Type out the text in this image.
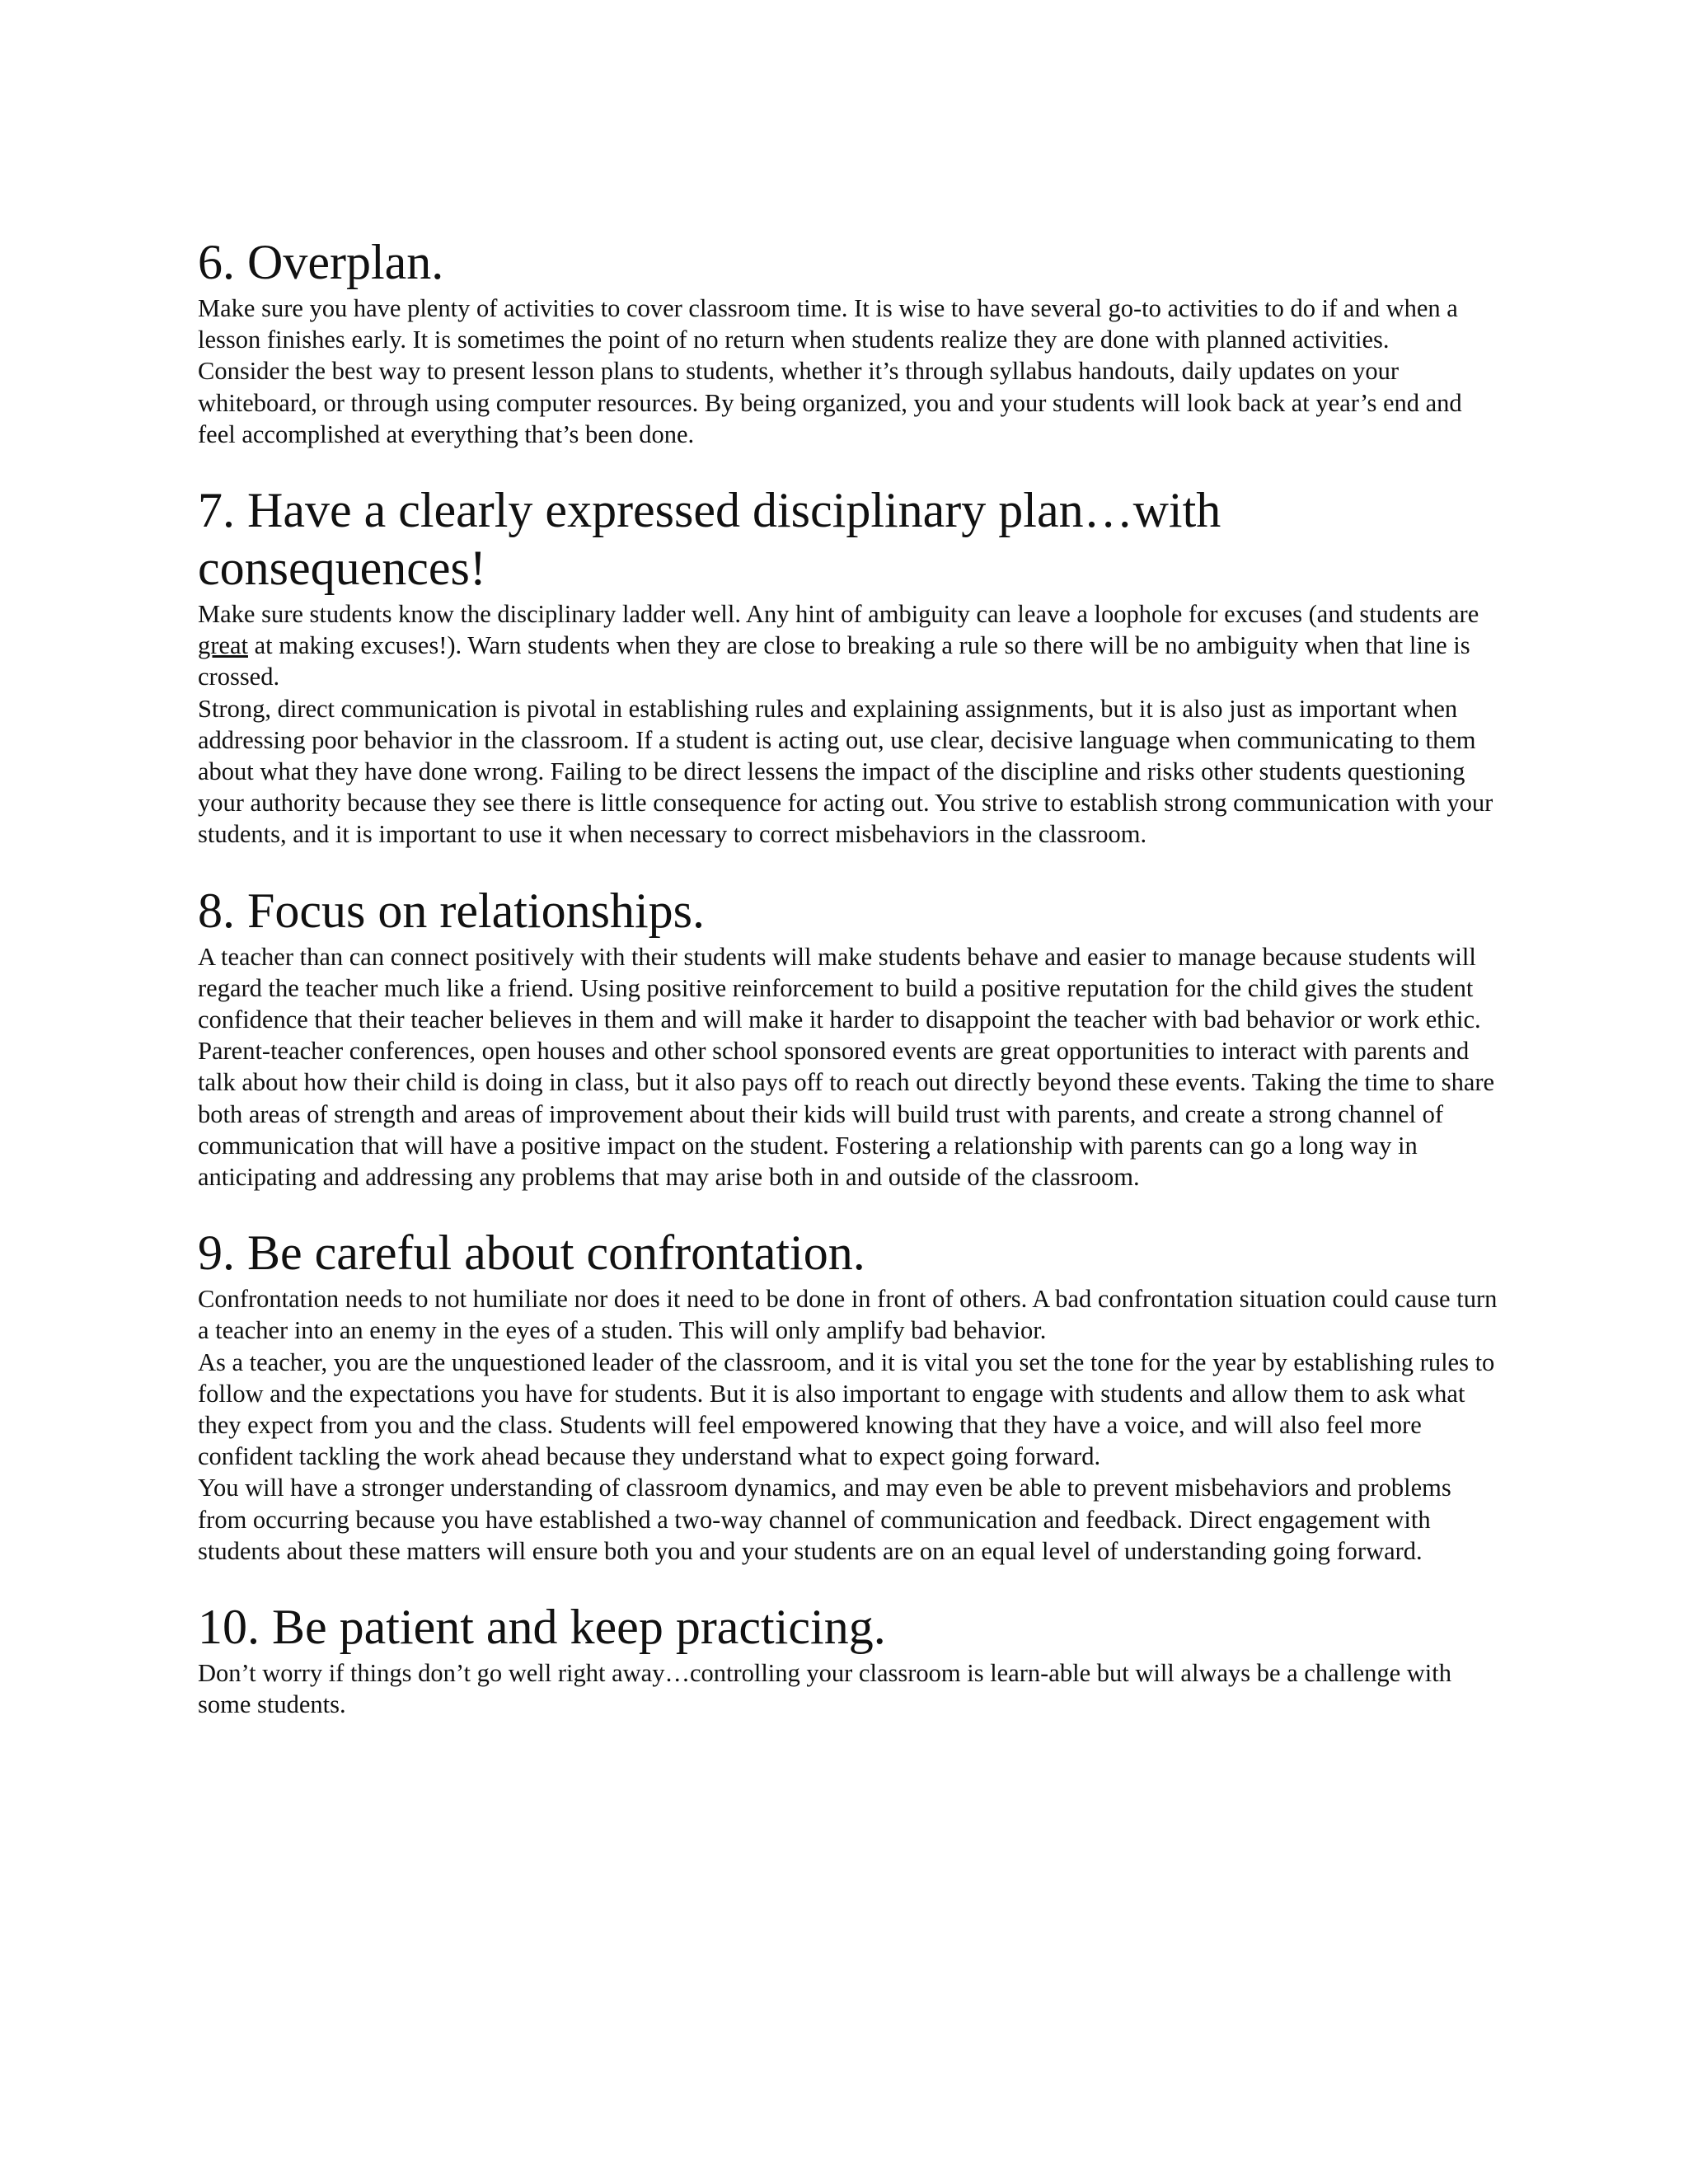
6. Overplan.

Make sure you have plenty of activities to cover classroom time. It is wise to have several go-to activities to do if and when a lesson finishes early. It is sometimes the point of no return when students realize they are done with planned activities.

Consider the best way to present lesson plans to students, whether it’s through syllabus handouts, daily updates on your whiteboard, or through using computer resources. By being organized, you and your students will look back at year’s end and feel accomplished at everything that’s been done.

7. Have a clearly expressed disciplinary plan…with consequences!

Make sure students know the disciplinary ladder well. Any hint of ambiguity can leave a loophole for excuses (and students are great at making excuses!). Warn students when they are close to breaking a rule so there will be no ambiguity when that line is crossed.

Strong, direct communication is pivotal in establishing rules and explaining assignments, but it is also just as important when addressing poor behavior in the classroom. If a student is acting out, use clear, decisive language when communicating to them about what they have done wrong. Failing to be direct lessens the impact of the discipline and risks other students questioning your authority because they see there is little consequence for acting out. You strive to establish strong communication with your students, and it is important to use it when necessary to correct misbehaviors in the classroom.

8. Focus on relationships.

A teacher than can connect positively with their students will make students behave and easier to manage because students will regard the teacher much like a friend. Using positive reinforcement to build a positive reputation for the child gives the student confidence that their teacher believes in them and will make it harder to disappoint the teacher with bad behavior or work ethic.

Parent-teacher conferences, open houses and other school sponsored events are great opportunities to interact with parents and talk about how their child is doing in class, but it also pays off to reach out directly beyond these events. Taking the time to share both areas of strength and areas of improvement about their kids will build trust with parents, and create a strong channel of communication that will have a positive impact on the student. Fostering a relationship with parents can go a long way in anticipating and addressing any problems that may arise both in and outside of the classroom.

9. Be careful about confrontation.

Confrontation needs to not humiliate nor does it need to be done in front of others. A bad confrontation situation could cause turn a teacher into an enemy in the eyes of a studen. This will only amplify bad behavior.

As a teacher, you are the unquestioned leader of the classroom, and it is vital you set the tone for the year by establishing rules to follow and the expectations you have for students. But it is also important to engage with students and allow them to ask what they expect from you and the class. Students will feel empowered knowing that they have a voice, and will also feel more confident tackling the work ahead because they understand what to expect going forward.

You will have a stronger understanding of classroom dynamics, and may even be able to prevent misbehaviors and problems from occurring because you have established a two-way channel of communication and feedback. Direct engagement with students about these matters will ensure both you and your students are on an equal level of understanding going forward.

10. Be patient and keep practicing.

Don’t worry if things don’t go well right away…controlling your classroom is learn-able but will always be a challenge with some students.
